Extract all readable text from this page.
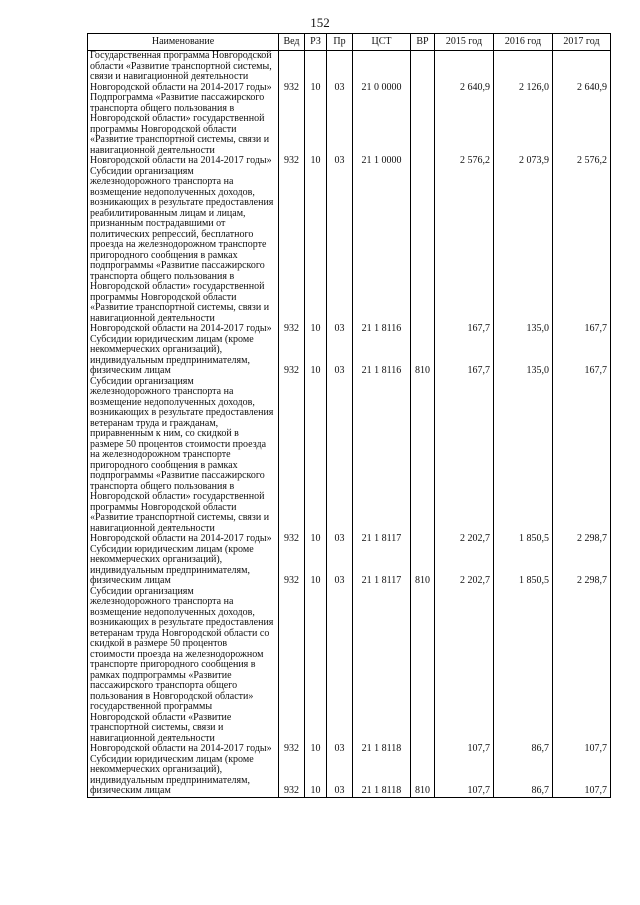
152
Наименование	Вед	РЗ	Пр	ЦСТ	ВР	2015 год	2016 год	2017 год
Государственная программа Новгородской области «Развитие транспортной системы, связи и навигационной деятельности Новгородской области на 2014-2017 годы»	932	10	03	21 0 0000		2 640,9	2 126,0	2 640,9
Подпрограмма «Развитие пассажирского транспорта общего пользования в Новгородской области» государственной программы Новгородской области «Развитие транспортной системы, связи и навигационной деятельности Новгородской области на 2014-2017 годы»	932	10	03	21 1 0000		2 576,2	2 073,9	2 576,2
Субсидии организациям железнодорожного транспорта на возмещение недополученных доходов, возникающих в результате предоставления реабилитированным лицам и лицам, признанным пострадавшими от политических репрессий, бесплатного проезда на железнодорожном транспорте пригородного сообщения в рамках подпрограммы «Развитие пассажирского транспорта общего пользования в Новгородской области» государственной программы Новгородской области «Развитие транспортной системы, связи и навигационной деятельности Новгородской области на 2014-2017 годы»	932	10	03	21 1 8116		167,7	135,0	167,7
Субсидии юридическим лицам (кроме некоммерческих организаций), индивидуальным предпринимателям, физическим лицам	932	10	03	21 1 8116	810	167,7	135,0	167,7
Субсидии организациям железнодорожного транспорта на возмещение недополученных доходов, возникающих в результате предоставления ветеранам труда и гражданам, приравненным к ним, со скидкой в размере 50 процентов стоимости проезда на железнодорожном транспорте пригородного сообщения в рамках подпрограммы «Развитие пассажирского транспорта общего пользования в Новгородской области» государственной программы Новгородской области «Развитие транспортной системы, связи и навигационной деятельности Новгородской области на 2014-2017 годы»	932	10	03	21 1 8117		2 202,7	1 850,5	2 298,7
Субсидии юридическим лицам (кроме некоммерческих организаций), индивидуальным предпринимателям, физическим лицам	932	10	03	21 1 8117	810	2 202,7	1 850,5	2 298,7
Субсидии организациям железнодорожного транспорта на возмещение недополученных доходов, возникающих в результате предоставления ветеранам труда Новгородской области со скидкой в размере 50 процентов стоимости проезда на железнодорожном транспорте пригородного сообщения в рамках подпрограммы «Развитие пассажирского транспорта общего пользования в Новгородской области» государственной программы Новгородской области «Развитие транспортной системы, связи и навигационной деятельности Новгородской области на 2014-2017 годы»	932	10	03	21 1 8118		107,7	86,7	107,7
Субсидии юридическим лицам (кроме некоммерческих организаций), индивидуальным предпринимателям, физическим лицам	932	10	03	21 1 8118	810	107,7	86,7	107,7
